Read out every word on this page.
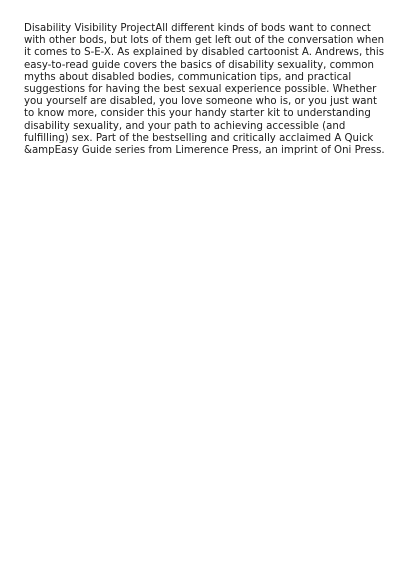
Disability Visibility ProjectAll different kinds of bods want to connect with other bods, but lots of them get left out of the conversation when it comes to S-E-X. As explained by disabled cartoonist A. Andrews, this easy-to-read guide covers the basics of disability sexuality, common myths about disabled bodies, communication tips, and practical suggestions for having the best sexual experience possible. Whether you yourself are disabled, you love someone who is, or you just want to know more, consider this your handy starter kit to understanding disability sexuality, and your path to achieving accessible (and fulfilling) sex. Part of the bestselling and critically acclaimed A Quick &ampEasy Guide series from Limerence Press, an imprint of Oni Press.
